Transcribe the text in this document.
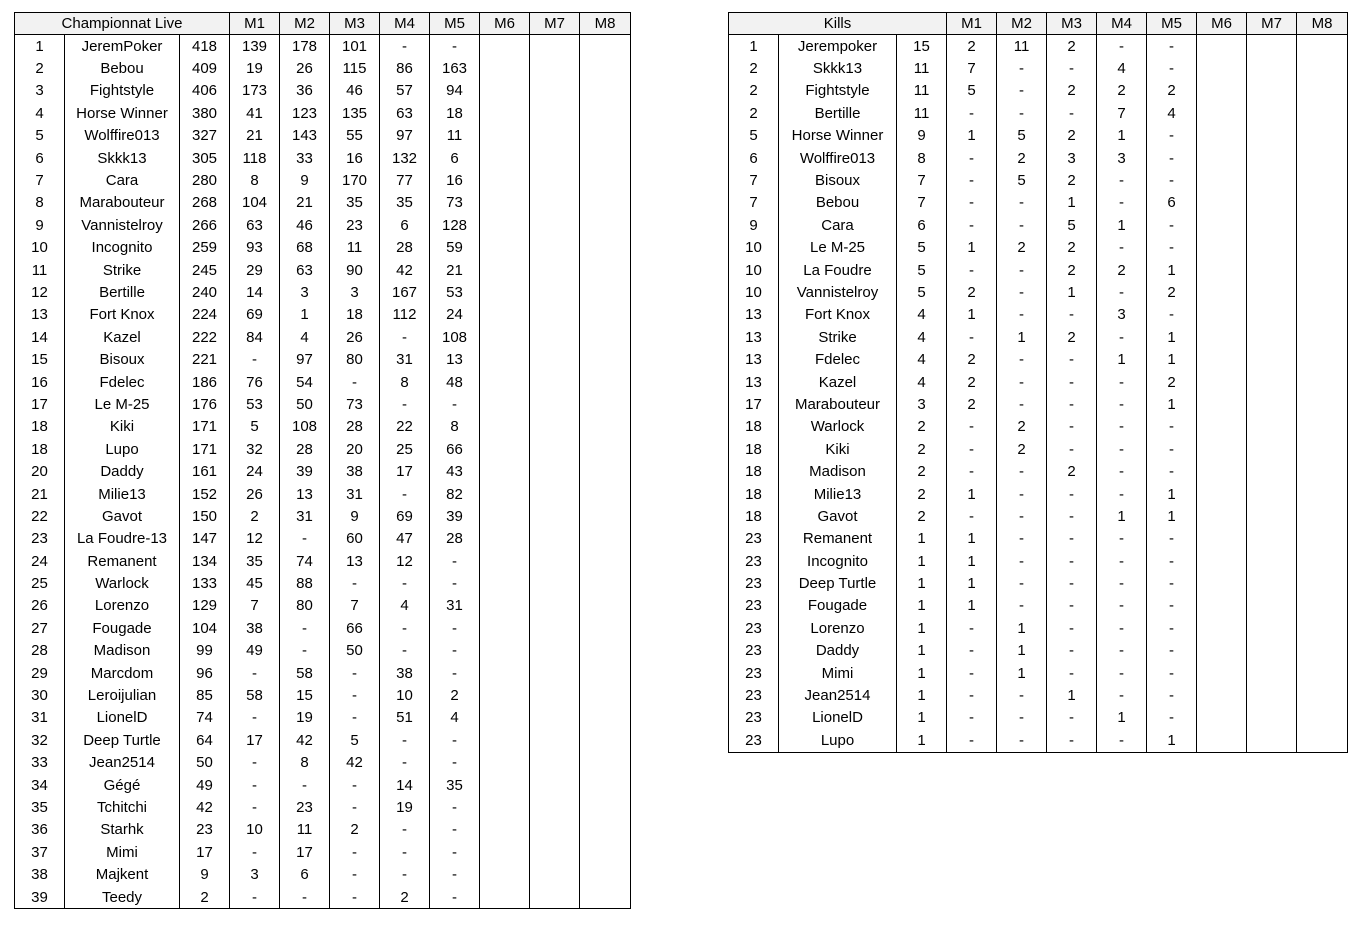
Championnat Live			M1	M2	M3	M4	M5	M6	M7	M8
1	JeremPoker	418	139	178	101	-	-			
2	Bebou	409	19	26	115	86	163			
3	Fightstyle	406	173	36	46	57	94			
4	Horse Winner	380	41	123	135	63	18			
5	Wolffire013	327	21	143	55	97	11			
6	Skkk13	305	118	33	16	132	6			
7	Cara	280	8	9	170	77	16			
8	Marabouteur	268	104	21	35	35	73			
9	Vannistelroy	266	63	46	23	6	128			
10	Incognito	259	93	68	11	28	59			
11	Strike	245	29	63	90	42	21			
12	Bertille	240	14	3	3	167	53			
13	Fort Knox	224	69	1	18	112	24			
14	Kazel	222	84	4	26	-	108			
15	Bisoux	221	-	97	80	31	13			
16	Fdelec	186	76	54	-	8	48			
17	Le M-25	176	53	50	73	-	-			
18	Kiki	171	5	108	28	22	8			
18	Lupo	171	32	28	20	25	66			
20	Daddy	161	24	39	38	17	43			
21	Milie13	152	26	13	31	-	82			
22	Gavot	150	2	31	9	69	39			
23	La Foudre-13	147	12	-	60	47	28			
24	Remanent	134	35	74	13	12	-			
25	Warlock	133	45	88	-	-	-			
26	Lorenzo	129	7	80	7	4	31			
27	Fougade	104	38	-	66	-	-			
28	Madison	99	49	-	50	-	-			
29	Marcdom	96	-	58	-	38	-			
30	Leroijulian	85	58	15	-	10	2			
31	LionelD	74	-	19	-	51	4			
32	Deep Turtle	64	17	42	5	-	-			
33	Jean2514	50	-	8	42	-	-			
34	Gégé	49	-	-	-	14	35			
35	Tchitchi	42	-	23	-	19	-			
36	Starhk	23	10	11	2	-	-			
37	Mimi	17	-	17	-	-	-			
38	Majkent	9	3	6	-	-	-			
39	Teedy	2	-	-	-	2	-			
Kills			M1	M2	M3	M4	M5	M6	M7	M8
1	Jerempoker	15	2	11	2	-	-			
2	Skkk13	11	7	-	-	4	-			
2	Fightstyle	11	5	-	2	2	2			
2	Bertille	11	-	-	-	7	4			
5	Horse Winner	9	1	5	2	1	-			
6	Wolffire013	8	-	2	3	3	-			
7	Bisoux	7	-	5	2	-	-			
7	Bebou	7	-	-	1	-	6			
9	Cara	6	-	-	5	1	-			
10	Le M-25	5	1	2	2	-	-			
10	La Foudre	5	-	-	2	2	1			
10	Vannistelroy	5	2	-	1	-	2			
13	Fort Knox	4	1	-	-	3	-			
13	Strike	4	-	1	2	-	1			
13	Fdelec	4	2	-	-	1	1			
13	Kazel	4	2	-	-	-	2			
17	Marabouteur	3	2	-	-	-	1			
18	Warlock	2	-	2	-	-	-			
18	Kiki	2	-	2	-	-	-			
18	Madison	2	-	-	2	-	-			
18	Milie13	2	1	-	-	-	1			
18	Gavot	2	-	-	-	1	1			
23	Remanent	1	1	-	-	-	-			
23	Incognito	1	1	-	-	-	-			
23	Deep Turtle	1	1	-	-	-	-			
23	Fougade	1	1	-	-	-	-			
23	Lorenzo	1	-	1	-	-	-			
23	Daddy	1	-	1	-	-	-			
23	Mimi	1	-	1	-	-	-			
23	Jean2514	1	-	-	1	-	-			
23	LionelD	1	-	-	-	1	-			
23	Lupo	1	-	-	-	-	1			
